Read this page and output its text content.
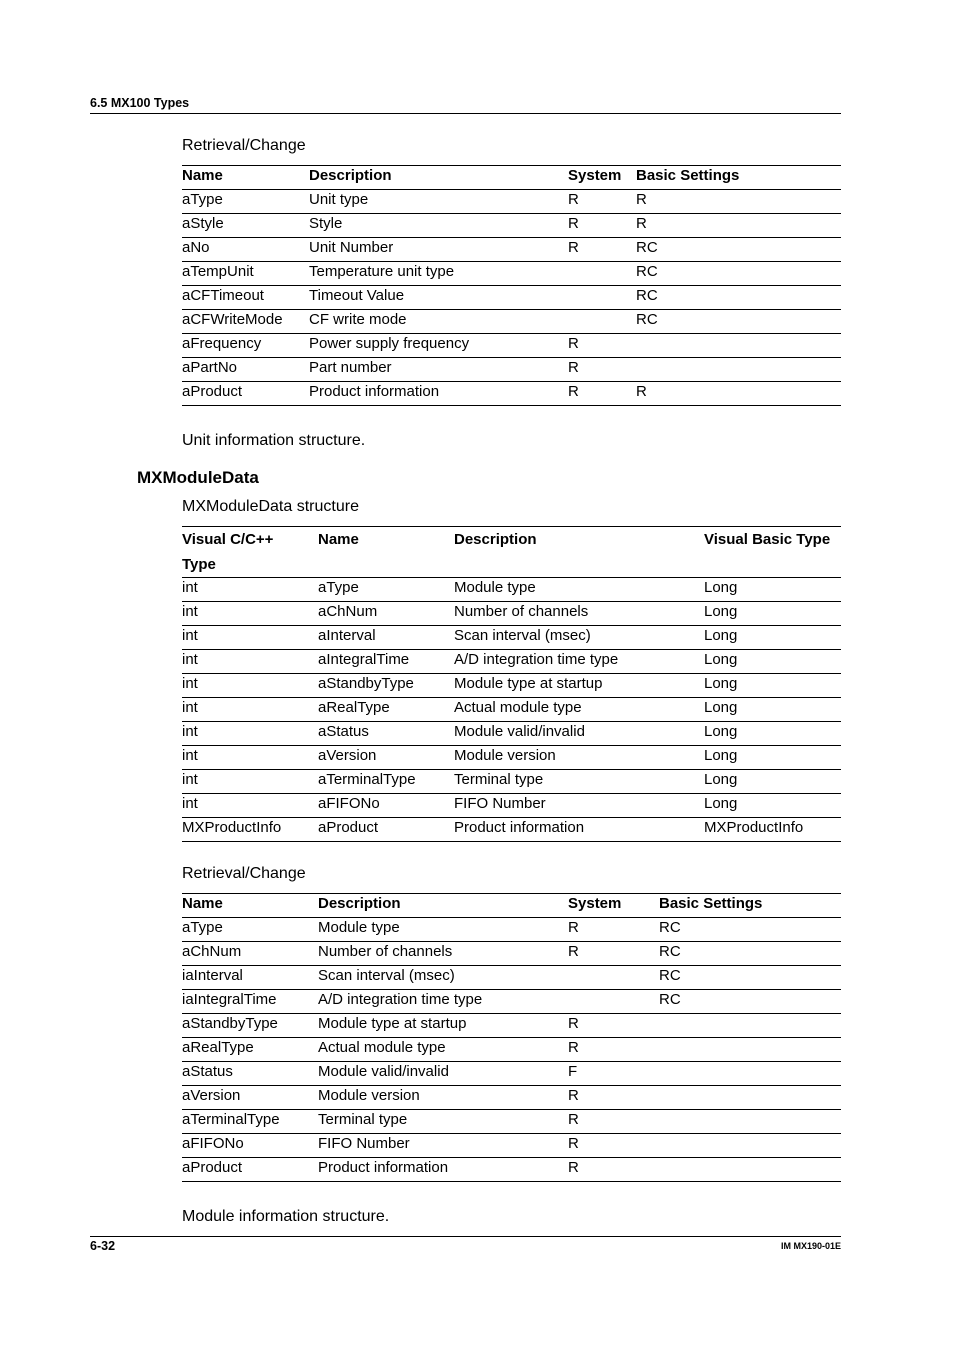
6.5 MX100 Types
Retrieval/Change
Name	Description	System	Basic Settings
aType	Unit type	R	R
aStyle	Style	R	R
aNo	Unit Number	R	RC
aTempUnit	Temperature unit type		RC
aCFTimeout	Timeout Value		RC
aCFWriteMode	CF write mode		RC
aFrequency	Power supply frequency	R	
aPartNo	Part number	R	
aProduct	Product information	R	R
Unit information structure.
MXModuleData
MXModuleData structure
Visual C/C++ Type	Name	Description	Visual Basic Type
int	aType	Module type	Long
int	aChNum	Number of channels	Long
int	aInterval	Scan interval (msec)	Long
int	aIntegralTime	A/D integration time type	Long
int	aStandbyType	Module type at startup	Long
int	aRealType	Actual module type	Long
int	aStatus	Module valid/invalid	Long
int	aVersion	Module version	Long
int	aTerminalType	Terminal type	Long
int	aFIFONo	FIFO Number	Long
MXProductInfo	aProduct	Product information	MXProductInfo
Retrieval/Change
Name	Description	System	Basic Settings
aType	Module type	R	RC
aChNum	Number of channels	R	RC
iaInterval	Scan interval (msec)		RC
iaIntegralTime	A/D integration time type		RC
aStandbyType	Module type at startup	R	
aRealType	Actual module type	R	
aStatus	Module valid/invalid	F	
aVersion	Module version	R	
aTerminalType	Terminal type	R	
aFIFONo	FIFO Number	R	
aProduct	Product information	R	
Module information structure.
6-32	IM MX190-01E
